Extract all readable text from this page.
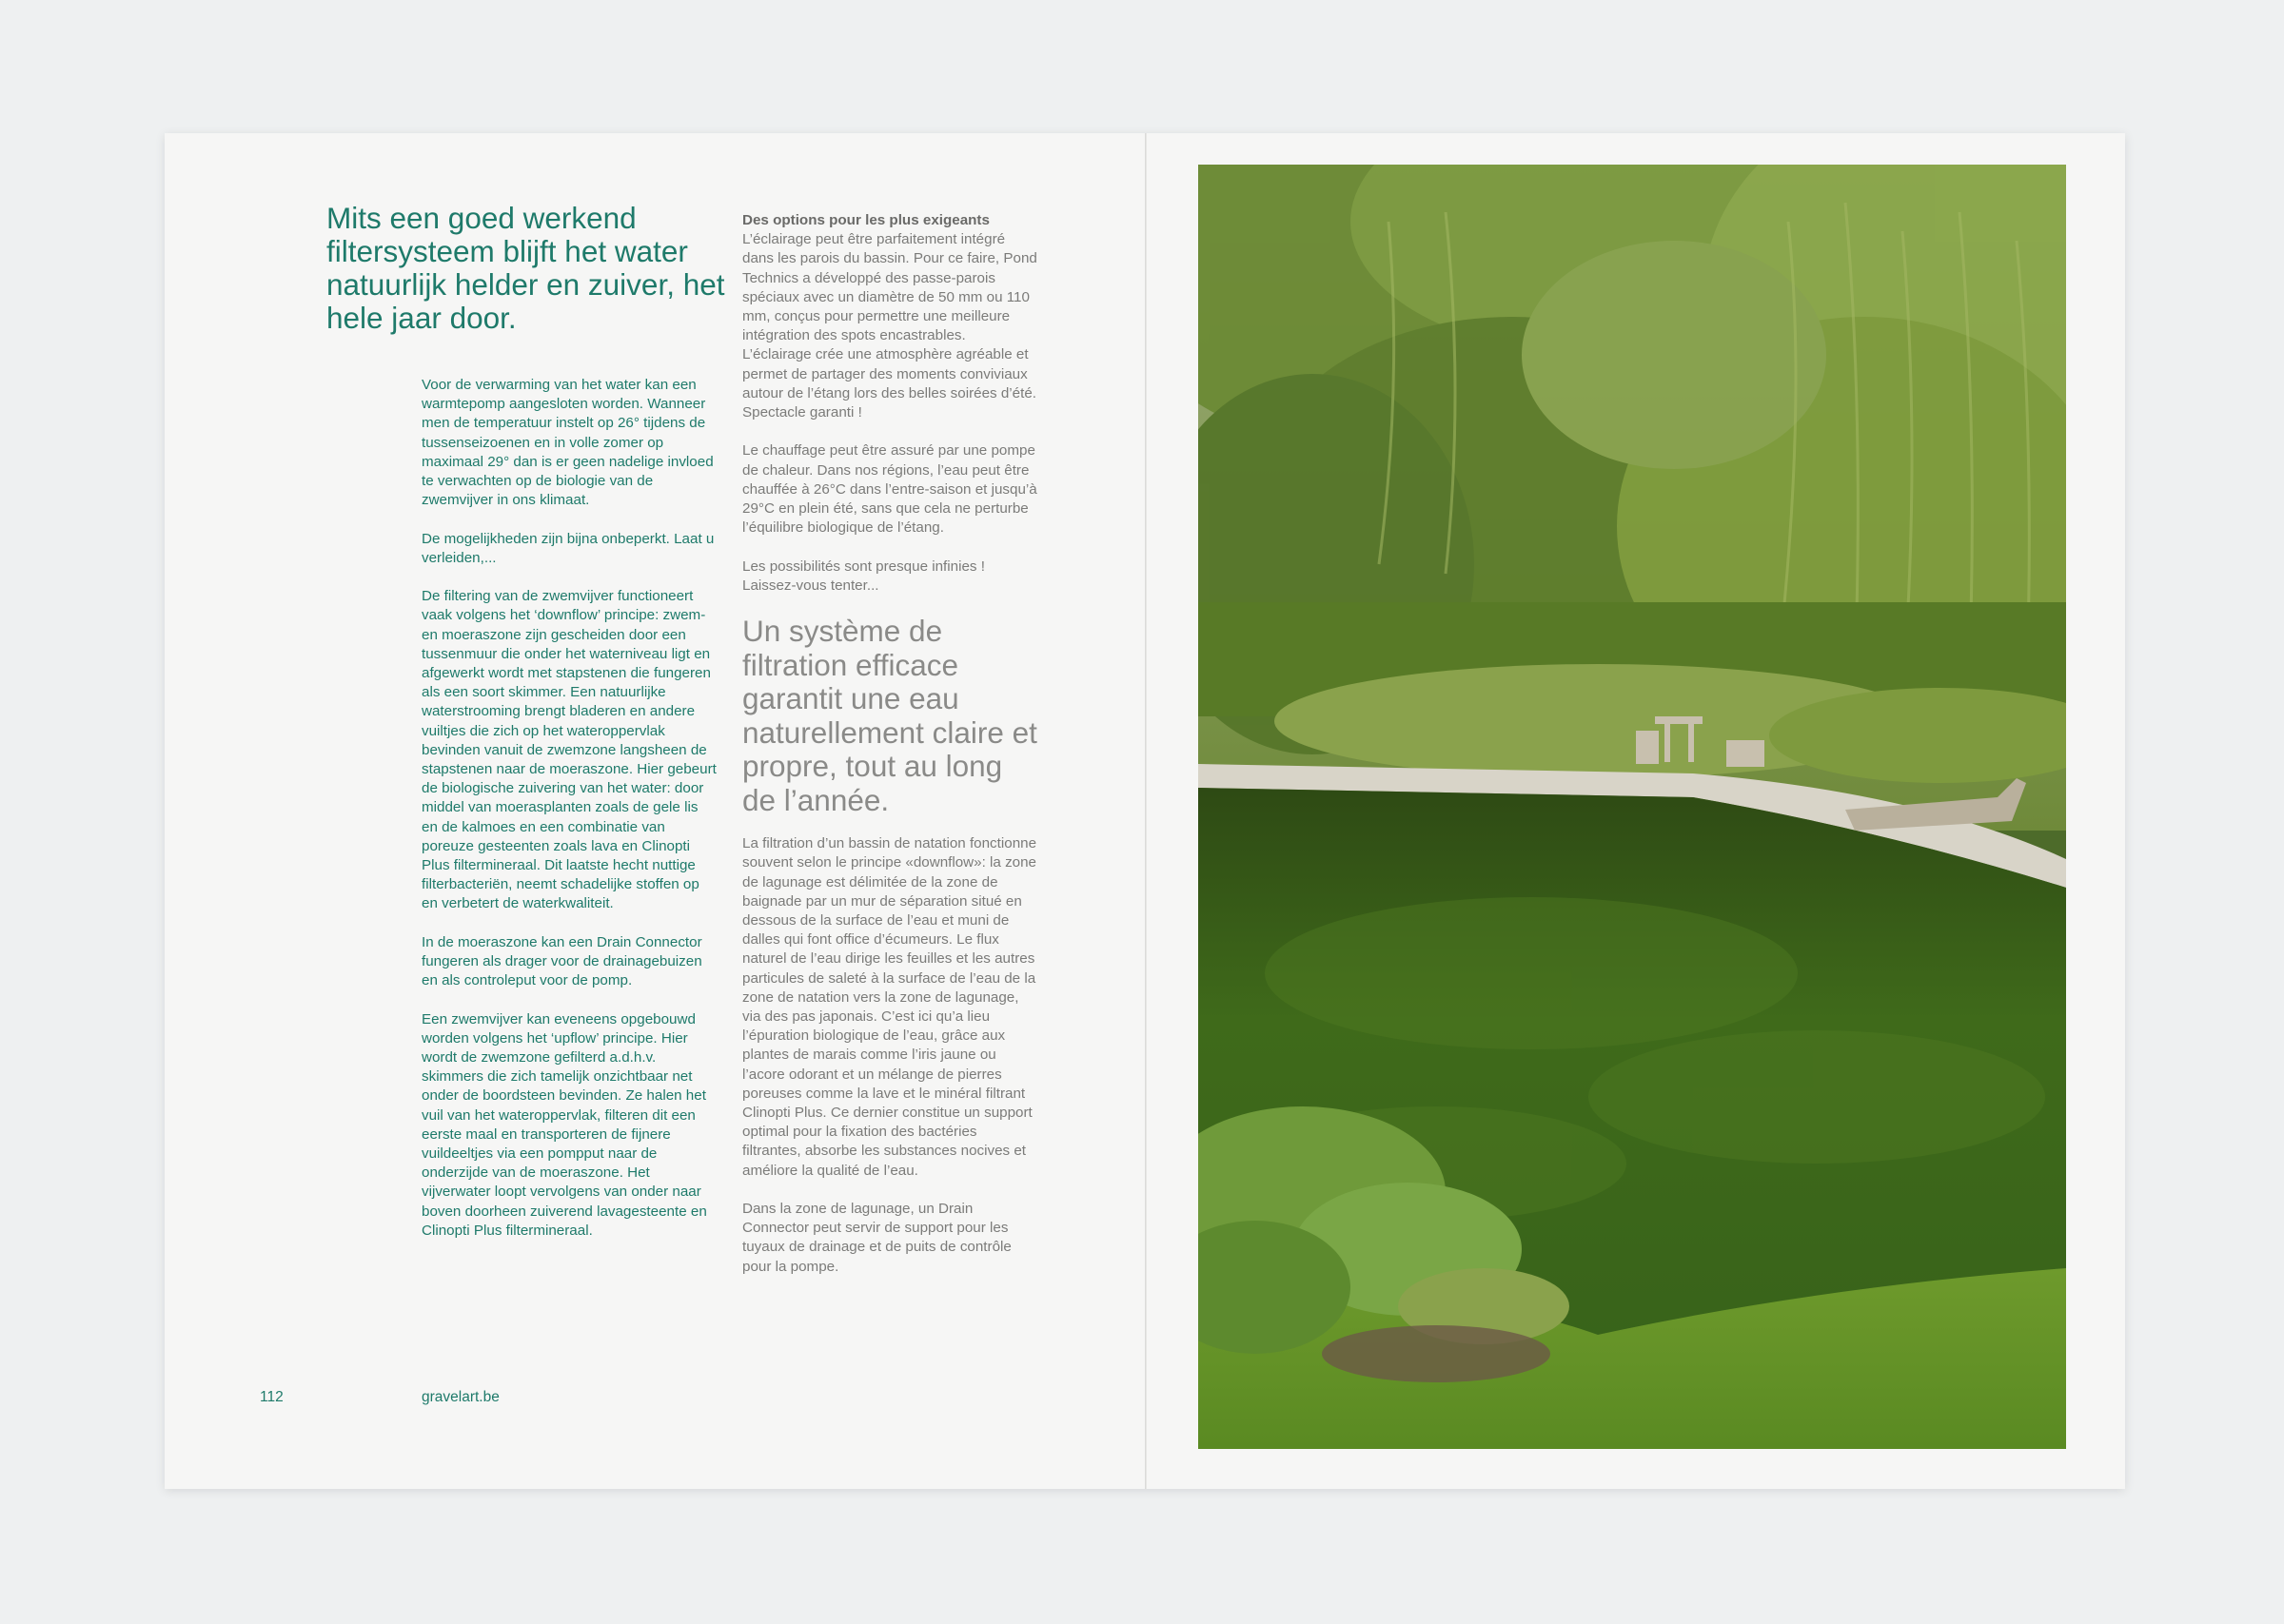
Mits een goed werkend filtersysteem blijft het water natuurlijk helder en zuiver, het hele jaar door.

Voor de verwarming van het water kan een warmtepomp aangesloten worden. Wanneer men de temperatuur instelt op 26° tijdens de tussenseizoenen en in volle zomer op maximaal 29° dan is er geen nadelige invloed te verwachten op de biologie van de zwemvijver in ons klimaat.

De mogelijkheden zijn bijna onbeperkt. Laat u verleiden,...

De filtering van de zwemvijver functioneert vaak volgens het ‘downflow’ principe: zwem- en moeraszone zijn gescheiden door een tussenmuur die onder het waterniveau ligt en afgewerkt wordt met stapstenen die fungeren als een soort skimmer. Een natuurlijke waterstrooming brengt bladeren en andere vuiltjes die zich op het wateroppervlak bevinden vanuit de zwemzone langsheen de stapstenen naar de moeraszone. Hier gebeurt de biologische zuivering van het water: door middel van moerasplanten zoals de gele lis en de kalmoes en een combinatie van poreuze gesteenten zoals lava en Clinopti Plus filtermineraal. Dit laatste hecht nuttige filterbacteriën, neemt schadelijke stoffen op en verbetert de waterkwaliteit.

In de moeraszone kan een Drain Connector fungeren als drager voor de drainagebuizen en als controleput voor de pomp.

Een zwemvijver kan eveneens opgebouwd worden volgens het ‘upflow’ principe. Hier wordt de zwemzone gefilterd a.d.h.v. skimmers die zich tamelijk onzichtbaar net onder de boordsteen bevinden. Ze halen het vuil van het wateroppervlak, filteren dit een eerste maal en transporteren de fijnere vuildeeltjes via een pompput naar de onderzijde van de moeraszone. Het vijverwater loopt vervolgens van onder naar boven doorheen zuiverend lavagesteente en Clinopti Plus filtermineraal.

Des options pour les plus exigeants
L’éclairage peut être parfaitement intégré dans les parois du bassin. Pour ce faire, Pond Technics a développé des passe-parois spéciaux avec un diamètre de 50 mm ou 110 mm, conçus pour permettre une meilleure intégration des spots encastrables. L’éclairage crée une atmosphère agréable et permet de partager des moments conviviaux autour de l’étang lors des belles soirées d’été. Spectacle garanti !

Le chauffage peut être assuré par une pompe de chaleur. Dans nos régions, l’eau peut être chauffée à 26°C dans l’entre-saison et jusqu’à 29°C en plein été, sans que cela ne perturbe l’équilibre biologique de l’étang.

Les possibilités sont presque infinies ! Laissez-vous tenter...

Un système de filtration efficace garantit une eau naturellement claire et propre, tout au long de l’année.

La filtration d’un bassin de natation fonctionne souvent selon le principe «downflow»: la zone de lagunage est délimitée de la zone de baignade par un mur de séparation situé en dessous de la surface de l’eau et muni de dalles qui font office d’écumeurs. Le flux naturel de l’eau dirige les feuilles et les autres particules de saleté à la surface de l’eau de la zone de natation vers la zone de lagunage, via des pas japonais. C’est ici qu’a lieu l’épuration biologique de l’eau, grâce aux plantes de marais comme l’iris jaune ou l’acore odorant et un mélange de pierres poreuses comme la lave et le minéral filtrant Clinopti Plus. Ce dernier constitue un support optimal pour la fixation des bactéries filtrantes, absorbe les substances nocives et améliore la qualité de l’eau.

Dans la zone de lagunage, un Drain Connector peut servir de support pour les tuyaux de drainage et de puits de contrôle pour la pompe.

112	gravelart.be
